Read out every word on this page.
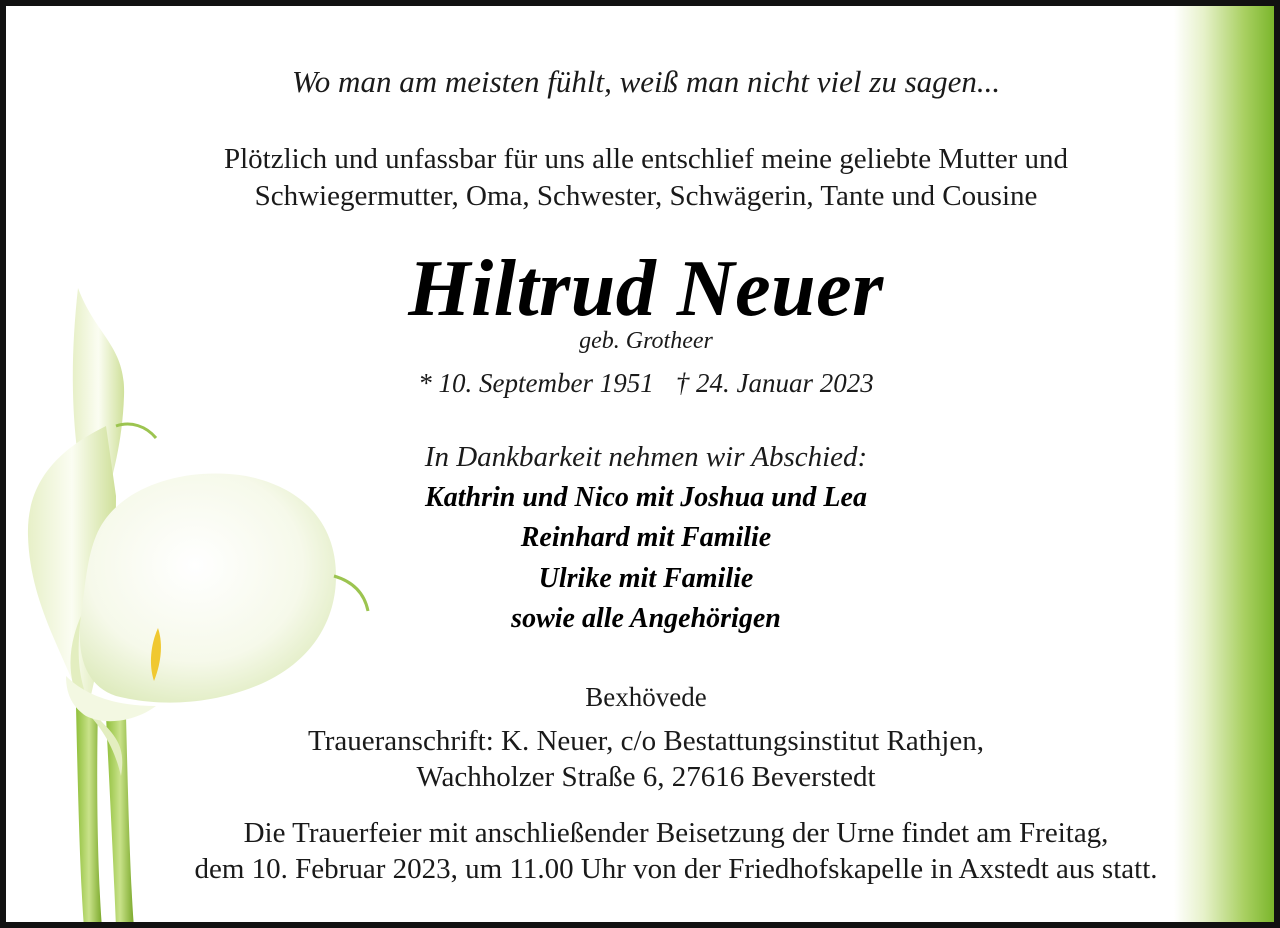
Wo man am meisten fühlt, weiß man nicht viel zu sagen...
Plötzlich und unfassbar für uns alle entschlief meine geliebte Mutter und
Schwiegermutter, Oma, Schwester, Schwägerin, Tante und Cousine
Hiltrud Neuer
geb. Grotheer
* 10. September 1951 † 24. Januar 2023
In Dankbarkeit nehmen wir Abschied:
Kathrin und Nico mit Joshua und Lea
Reinhard mit Familie
Ulrike mit Familie
sowie alle Angehörigen
Bexhövede
Traueranschrift: K. Neuer, c/o Bestattungsinstitut Rathjen,
Wachholzer Straße 6, 27616 Beverstedt
Die Trauerfeier mit anschließender Beisetzung der Urne findet am Freitag,
dem 10. Februar 2023, um 11.00 Uhr von der Friedhofskapelle in Axstedt aus statt.
